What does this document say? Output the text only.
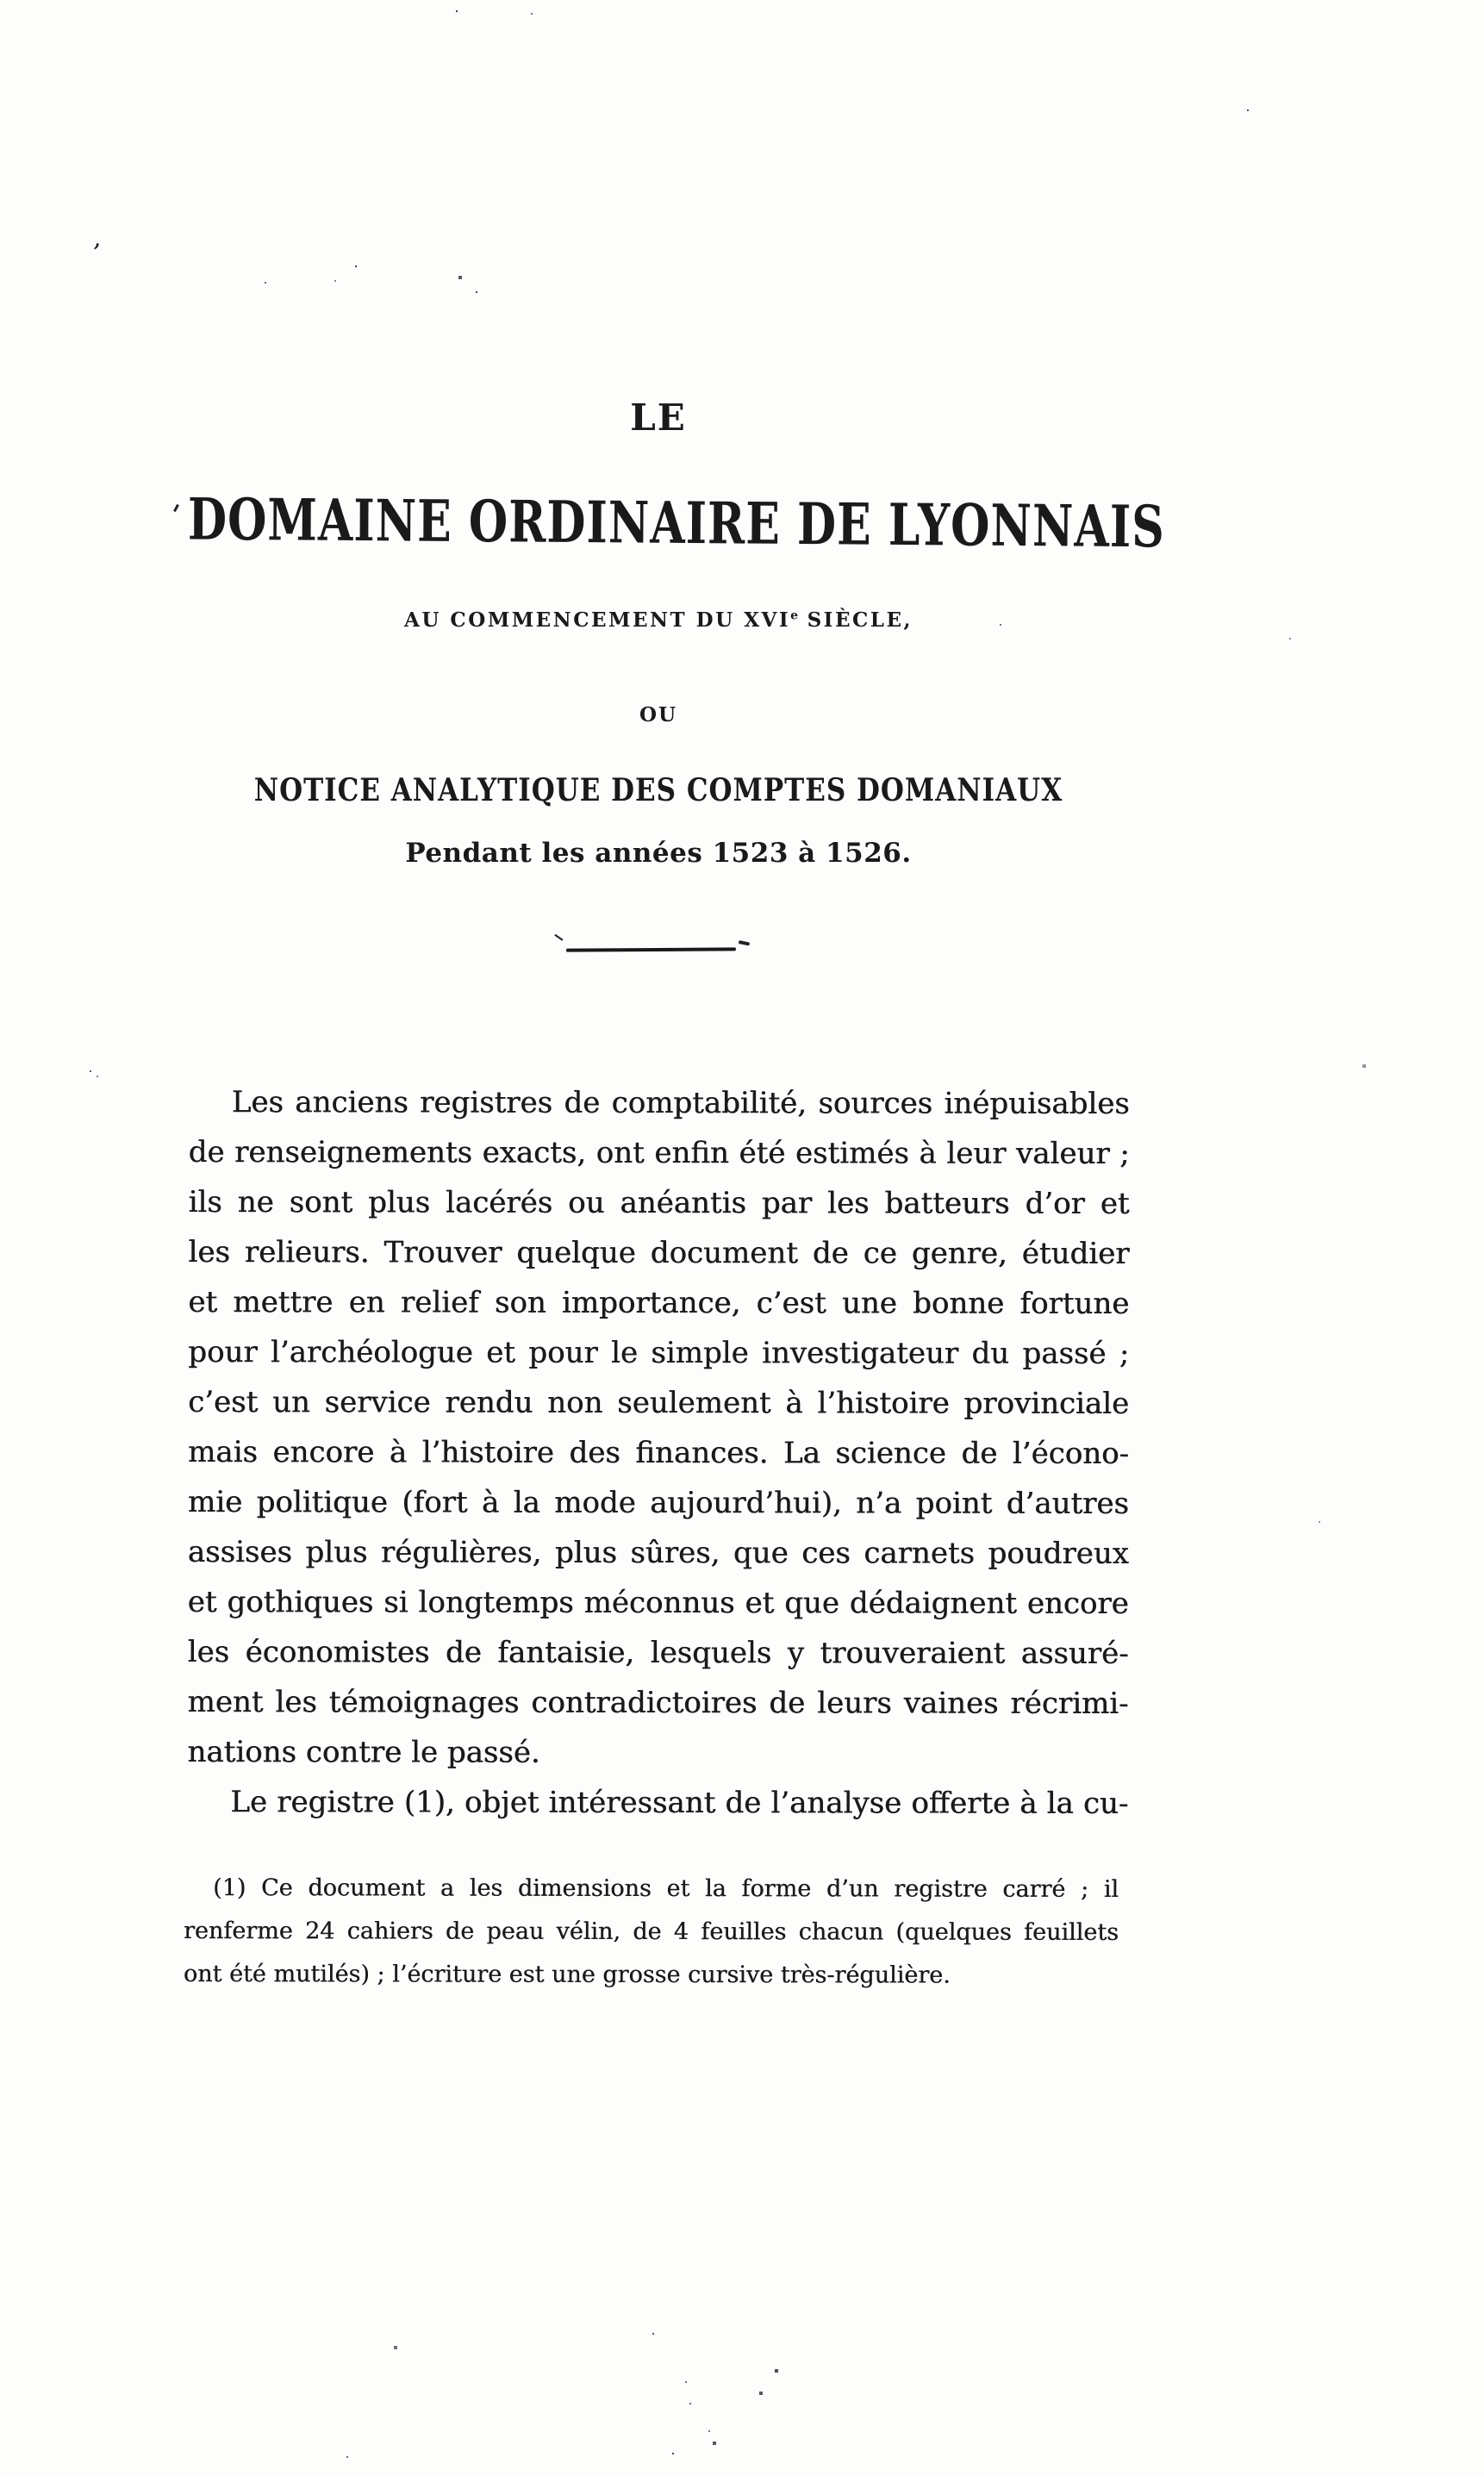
’
LE
DOMAINE ORDINAIRE DE LYONNAIS
AU COMMENCEMENT DU XVIe SIÈCLE,
OU
NOTICE ANALYTIQUE DES COMPTES DOMANIAUX
Pendant les années 1523 à 1526.
Les anciens registres de comptabilité, sources inépuisables
de renseignements exacts, ont enfin été estimés à leur valeur ;
ils ne sont plus lacérés ou anéantis par les batteurs d’or et
les relieurs. Trouver quelque document de ce genre, étudier
et mettre en relief son importance, c’est une bonne fortune
pour l’archéologue et pour le simple investigateur du passé ;
c’est un service rendu non seulement à l’histoire provinciale
mais encore à l’histoire des finances. La science de l’écono-
mie politique (fort à la mode aujourd’hui), n’a point d’autres
assises plus régulières, plus sûres, que ces carnets poudreux
et gothiques si longtemps méconnus et que dédaignent encore
les économistes de fantaisie, lesquels y trouveraient assuré-
ment les témoignages contradictoires de leurs vaines récrimi-
nations contre le passé.
Le registre (1), objet intéressant de l’analyse offerte à la cu-
(1) Ce document a les dimensions et la forme d’un registre carré ; il
renferme 24 cahiers de peau vélin, de 4 feuilles chacun (quelques feuillets
ont été mutilés) ; l’écriture est une grosse cursive très-régulière.
